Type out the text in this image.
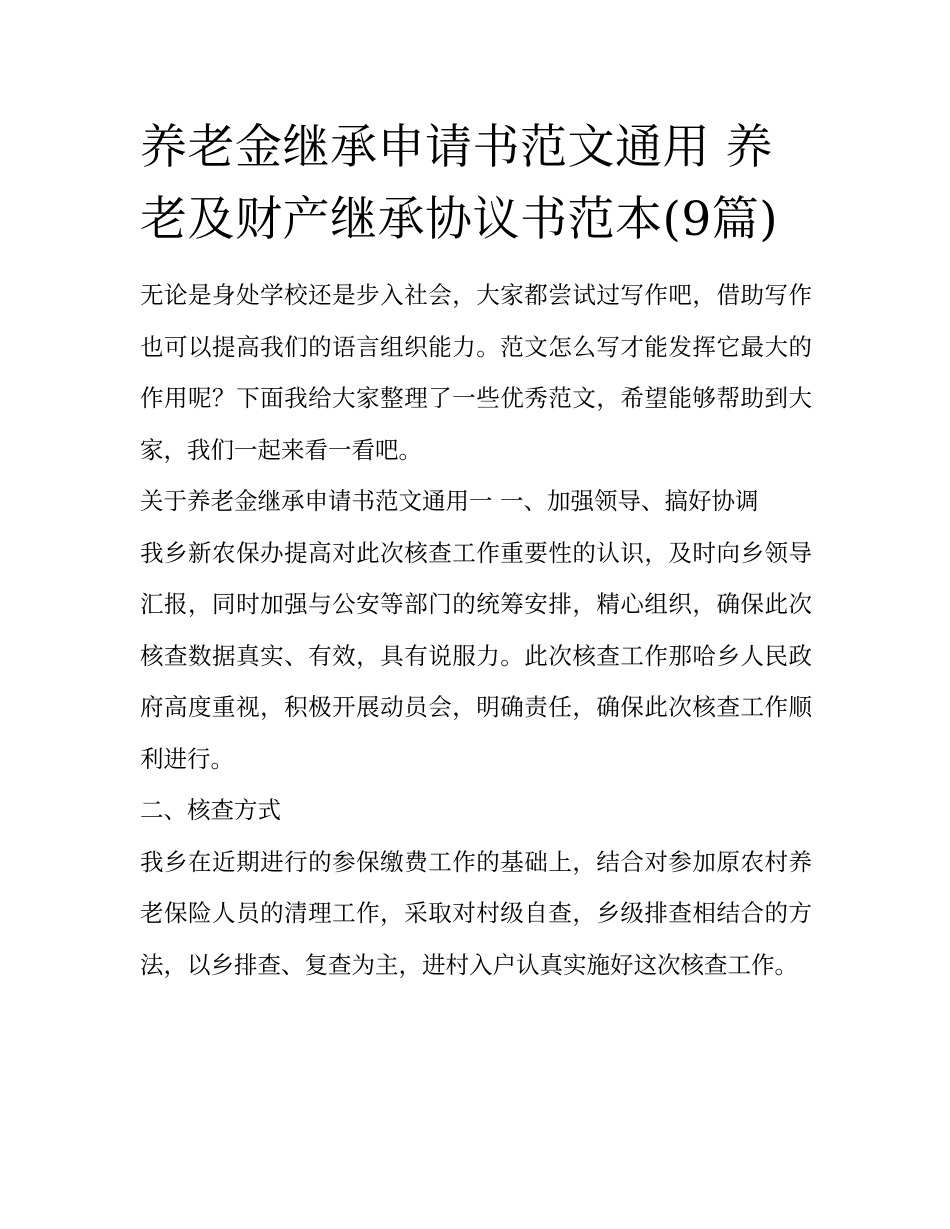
养老金继承申请书范文通用 养老及财产继承协议书范本(9篇)

无论是身处学校还是步入社会，大家都尝试过写作吧，借助写作也可以提高我们的语言组织能力。范文怎么写才能发挥它最大的作用呢？下面我给大家整理了一些优秀范文，希望能够帮助到大家，我们一起来看一看吧。

关于养老金继承申请书范文通用一 一、加强领导、搞好协调

我乡新农保办提高对此次核查工作重要性的认识，及时向乡领导汇报，同时加强与公安等部门的统筹安排，精心组织，确保此次核查数据真实、有效，具有说服力。此次核查工作那哈乡人民政府高度重视，积极开展动员会，明确责任，确保此次核查工作顺利进行。

二、核查方式

我乡在近期进行的参保缴费工作的基础上，结合对参加原农村养老保险人员的清理工作，采取对村级自查，乡级排查相结合的方法，以乡排查、复查为主，进村入户认真实施好这次核查工作。
